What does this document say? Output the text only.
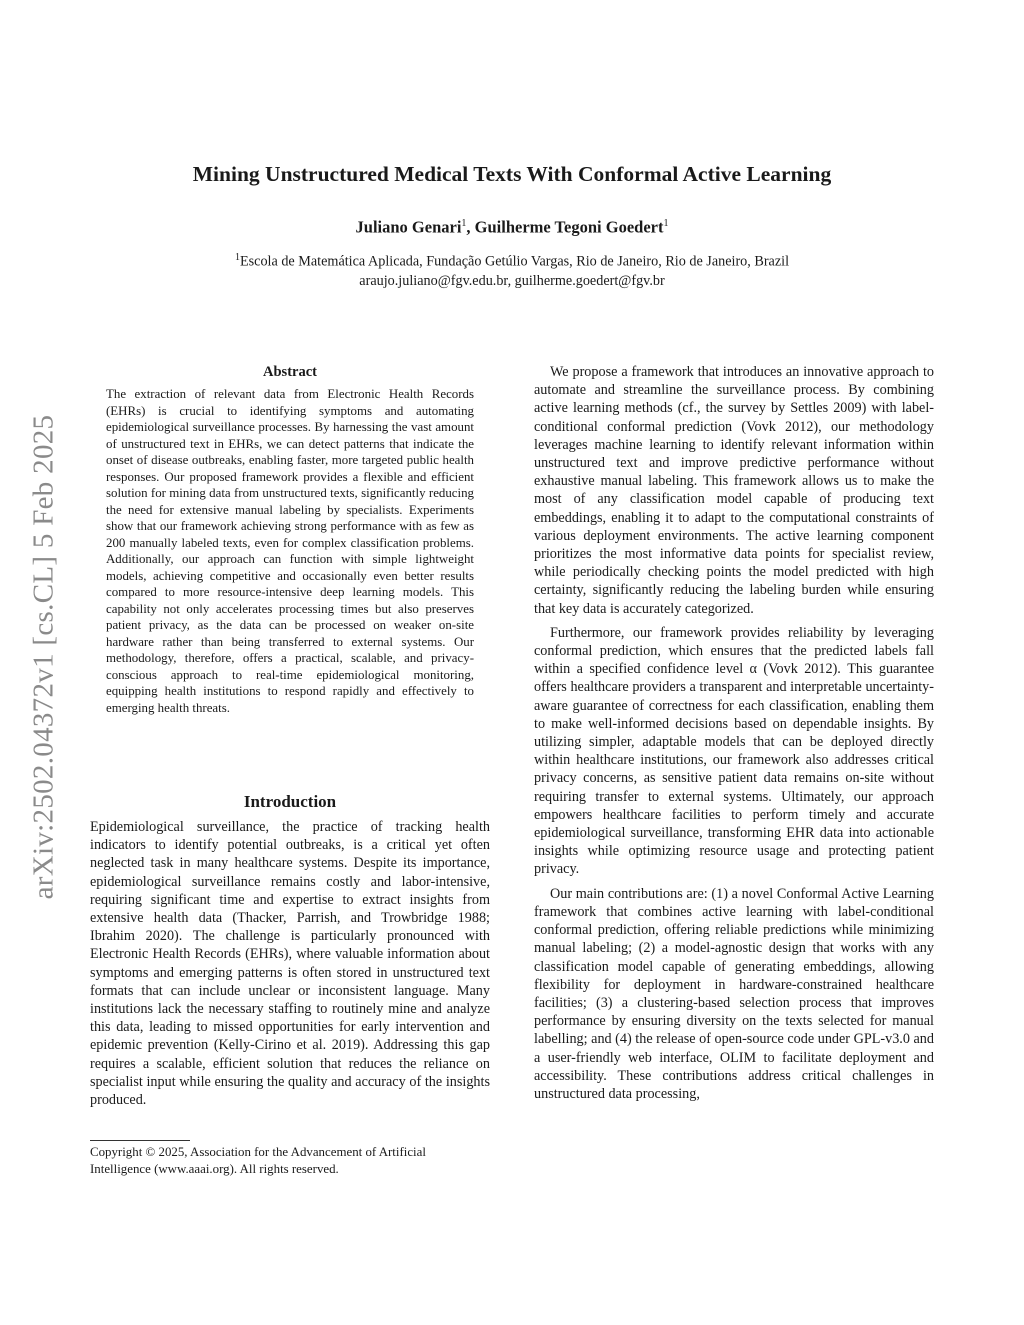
arXiv:2502.04372v1 [cs.CL] 5 Feb 2025
Mining Unstructured Medical Texts With Conformal Active Learning
Juliano Genari$^1$, Guilherme Tegoni Goedert$^1$
$^1$Escola de Matemática Aplicada, Fundação Getúlio Vargas, Rio de Janeiro, Rio de Janeiro, Brazil
araujo.juliano@fgv.edu.br, guilherme.goedert@fgv.br
Abstract

The extraction of relevant data from Electronic Health Records (EHRs) is crucial to identifying symptoms and automating epidemiological surveillance processes. By harnessing the vast amount of unstructured text in EHRs, we can detect patterns that indicate the onset of disease outbreaks, enabling faster, more targeted public health responses. Our proposed framework provides a flexible and efficient solution for mining data from unstructured texts, significantly reducing the need for extensive manual labeling by specialists. Experiments show that our framework achieving strong performance with as few as 200 manually labeled texts, even for complex classification problems. Additionally, our approach can function with simple lightweight models, achieving competitive and occasionally even better results compared to more resource-intensive deep learning models. This capability not only accelerates processing times but also preserves patient privacy, as the data can be processed on weaker on-site hardware rather than being transferred to external systems. Our methodology, therefore, offers a practical, scalable, and privacy-conscious approach to real-time epidemiological monitoring, equipping health institutions to respond rapidly and effectively to emerging health threats.

Introduction

Epidemiological surveillance, the practice of tracking health indicators to identify potential outbreaks, is a critical yet often neglected task in many healthcare systems. Despite its importance, epidemiological surveillance remains costly and labor-intensive, requiring significant time and expertise to extract insights from extensive health data (Thacker, Parrish, and Trowbridge 1988; Ibrahim 2020). The challenge is particularly pronounced with Electronic Health Records (EHRs), where valuable information about symptoms and emerging patterns is often stored in unstructured text formats that can include unclear or inconsistent language. Many institutions lack the necessary staffing to routinely mine and analyze this data, leading to missed opportunities for early intervention and epidemic prevention (Kelly-Cirino et al. 2019). Addressing this gap requires a scalable, efficient solution that reduces the reliance on specialist input while ensuring the quality and accuracy of the insights produced.

Copyright © 2025, Association for the Advancement of Artificial
Intelligence (www.aaai.org). All rights reserved.

We propose a framework that introduces an innovative approach to automate and streamline the surveillance process. By combining active learning methods (cf., the survey by Settles 2009) with label-conditional conformal prediction (Vovk 2012), our methodology leverages machine learning to identify relevant information within unstructured text and improve predictive performance without exhaustive manual labeling. This framework allows us to make the most of any classification model capable of producing text embeddings, enabling it to adapt to the computational constraints of various deployment environments. The active learning component prioritizes the most informative data points for specialist review, while periodically checking points the model predicted with high certainty, significantly reducing the labeling burden while ensuring that key data is accurately categorized.

Furthermore, our framework provides reliability by leveraging conformal prediction, which ensures that the predicted labels fall within a specified confidence level α (Vovk 2012). This guarantee offers healthcare providers a transparent and interpretable uncertainty-aware guarantee of correctness for each classification, enabling them to make well-informed decisions based on dependable insights. By utilizing simpler, adaptable models that can be deployed directly within healthcare institutions, our framework also addresses critical privacy concerns, as sensitive patient data remains on-site without requiring transfer to external systems. Ultimately, our approach empowers healthcare facilities to perform timely and accurate epidemiological surveillance, transforming EHR data into actionable insights while optimizing resource usage and protecting patient privacy.

Our main contributions are: (1) a novel Conformal Active Learning framework that combines active learning with label-conditional conformal prediction, offering reliable predictions while minimizing manual labeling; (2) a model-agnostic design that works with any classification model capable of generating embeddings, allowing flexibility for deployment in hardware-constrained healthcare facilities; (3) a clustering-based selection process that improves performance by ensuring diversity on the texts selected for manual labelling; and (4) the release of open-source code under GPL-v3.0 and a user-friendly web interface, OLIM to facilitate deployment and accessibility. These contributions address critical challenges in unstructured data processing,
